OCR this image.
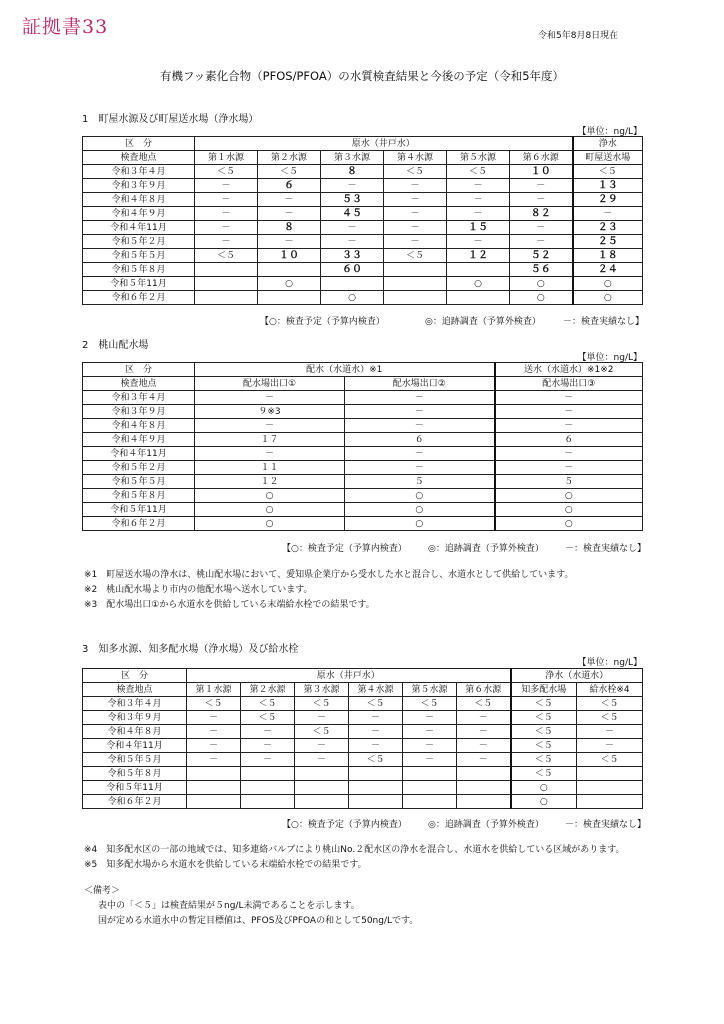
証拠書33	令和5年8月8日現在
有機フッ素化合物（PFOS/PFOA）の水質検査結果と今後の予定（令和5年度）
1　町屋水源及び町屋送水場（浄水場）
【単位：ng/L】
区　分	原水（井戸水）						浄水
検査地点	第１水源	第２水源	第３水源	第４水源	第５水源	第６水源	町屋送水場
令和３年４月	＜５	＜５	８	＜５	＜５	１０	＜５
令和３年９月	－	６	－	－	－	－	１３
令和４年８月	－	－	５３	－	－	－	２９
令和４年９月	－	－	４５	－	－	８２	－
令和４年11月	－	８	－	－	１５	－	２３
令和５年２月	－	－	－	－	－	－	２５
令和５年５月	＜５	１０	３３	＜５	１２	５２	１８
令和５年８月			６０			５６	２４
令和５年11月		○			○	○	○
令和６年２月			○			○	○
【○：検査予定（予算内検査）	◎：追跡調査（予算外検査） －：検査実績なし】
2　桃山配水場
【単位：ng/L】
区　分	配水（水道水）※1		送水（水道水）※1※2
検査地点	配水場出口①	配水場出口②	配水場出口③
令和３年４月	－	－	－
令和３年９月	９※3	－	－
令和４年８月	－	－	－
令和４年９月	１７	６	６
令和４年11月	－	－	－
令和５年２月	１１	－	－
令和５年５月	１２	５	５
令和５年８月	○	○	○
令和５年11月	○	○	○
令和６年２月	○	○	○
【○：検査予定（予算内検査） ◎：追跡調査（予算外検査） －：検査実績なし】
※1　町屋送水場の浄水は、桃山配水場において、愛知県企業庁から受水した水と混合し、水道水として供給しています。
※2　桃山配水場より市内の他配水場へ送水しています。
※3　配水場出口①から水道水を供給している末端給水栓での結果です。
3　知多水源、知多配水場（浄水場）及び給水栓
【単位：ng/L】
区　分	原水（井戸水）						浄水（水道水）	
検査地点	第１水源	第２水源	第３水源	第４水源	第５水源	第６水源	知多配水場	給水栓※4
令和３年４月	＜５	＜５	＜５	＜５	＜５	＜５	＜５	＜５
令和３年９月	－	＜５	－	－	－	－	＜５	＜５
令和４年８月	－	－	＜５	－	－	－	＜５	－
令和４年11月	－	－	－	－	－	－	＜５	－
令和５年５月	－	－	－	＜５	－	－	＜５	＜５
令和５年８月							＜５	
令和５年11月							○	
令和６年２月							○	
【○：検査予定（予算内検査） ◎：追跡調査（予算外検査） －：検査実績なし】
※4　知多配水区の一部の地域では、知多連絡バルブにより桃山No.２配水区の浄水を混合し、水道水を供給している区域があります。
※5　知多配水場から水道水を供給している末端給水栓での結果です。
＜備考＞
表中の「＜５」は検査結果が５ng/L未満であることを示します。
国が定める水道水中の暫定目標値は、PFOS及びPFOAの和として50ng/Lです。
